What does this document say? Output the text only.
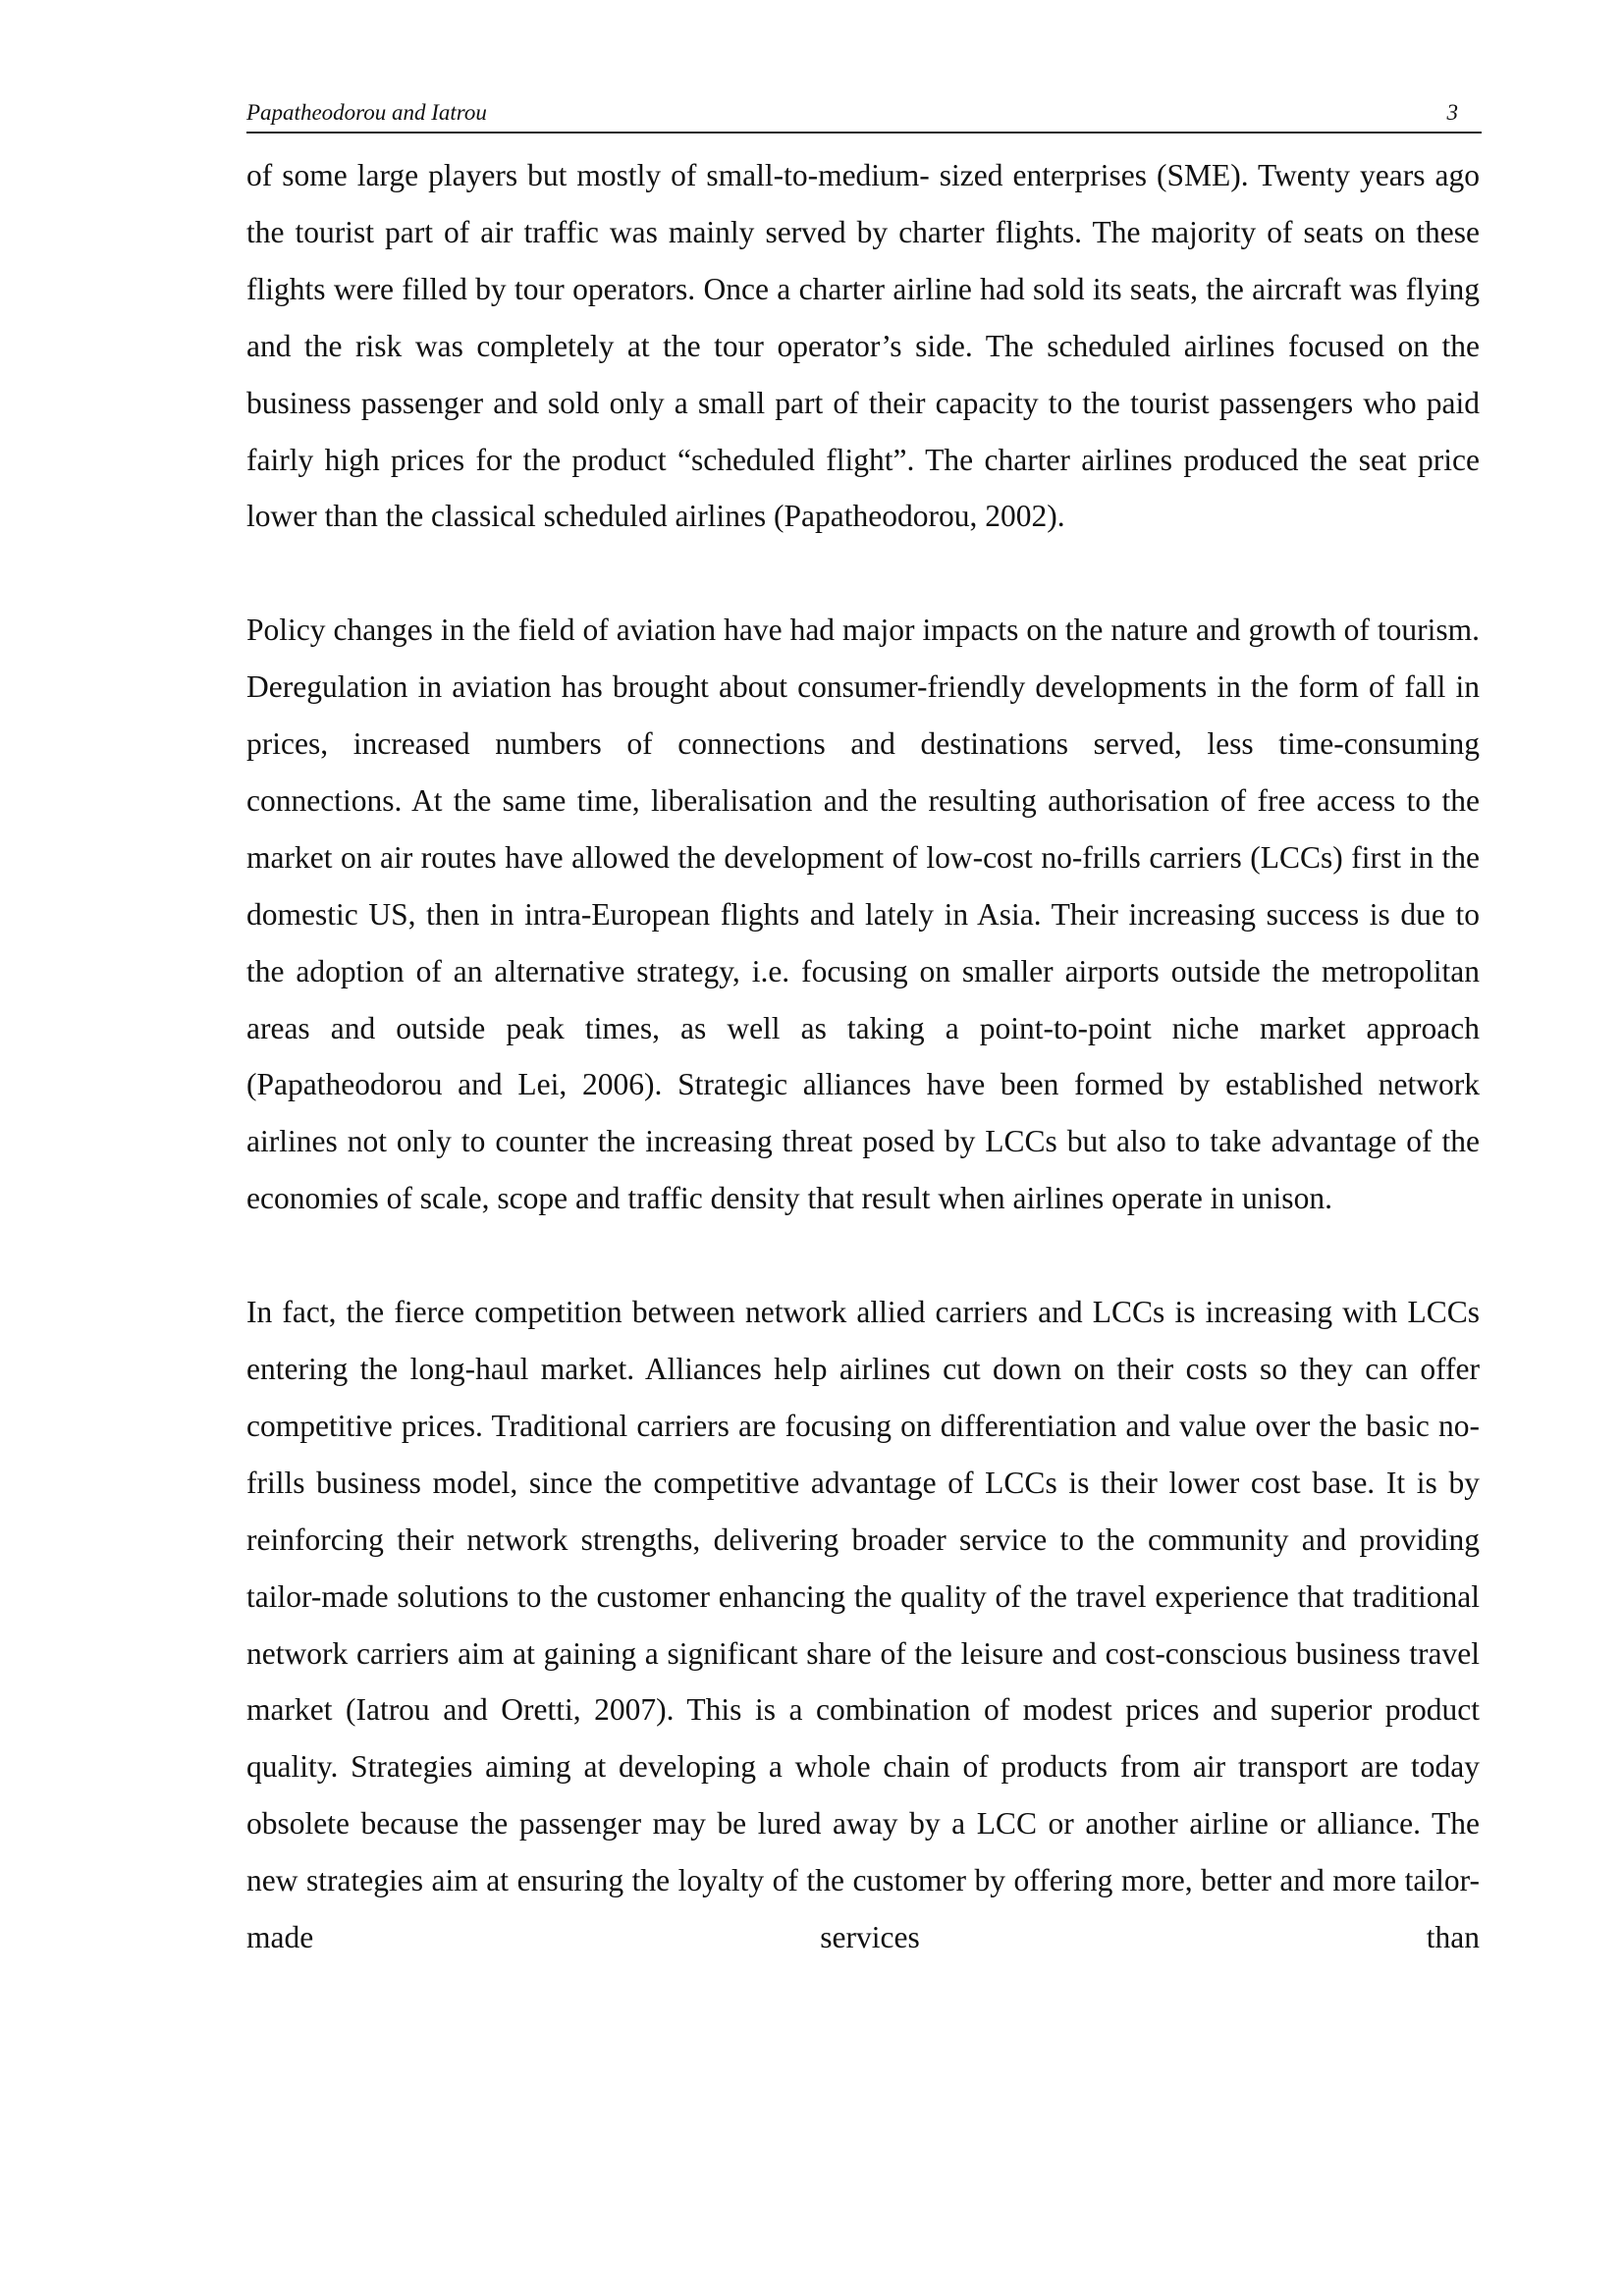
Papatheodorou and Iatrou	3

of some large players but mostly of small-to-medium- sized enterprises (SME). Twenty years ago the tourist part of air traffic was mainly served by charter flights. The majority of seats on these flights were filled by tour operators. Once a charter airline had sold its seats, the aircraft was flying and the risk was completely at the tour operator’s side. The scheduled airlines focused on the business passenger and sold only a small part of their capacity to the tourist passengers who paid fairly high prices for the product “scheduled flight”. The charter airlines produced the seat price lower than the classical scheduled airlines (Papatheodorou, 2002).

Policy changes in the field of aviation have had major impacts on the nature and growth of tourism. Deregulation in aviation has brought about consumer-friendly developments in the form of fall in prices, increased numbers of connections and destinations served, less time-consuming connections. At the same time, liberalisation and the resulting authorisation of free access to the market on air routes have allowed the development of low-cost no-frills carriers (LCCs) first in the domestic US, then in intra-European flights and lately in Asia. Their increasing success is due to the adoption of an alternative strategy, i.e. focusing on smaller airports outside the metropolitan areas and outside peak times, as well as taking a point-to-point niche market approach (Papatheodorou and Lei, 2006). Strategic alliances have been formed by established network airlines not only to counter the increasing threat posed by LCCs but also to take advantage of the economies of scale, scope and traffic density that result when airlines operate in unison.

In fact, the fierce competition between network allied carriers and LCCs is increasing with LCCs entering the long-haul market. Alliances help airlines cut down on their costs so they can offer competitive prices. Traditional carriers are focusing on differentiation and value over the basic no-frills business model, since the competitive advantage of LCCs is their lower cost base. It is by reinforcing their network strengths, delivering broader service to the community and providing tailor-made solutions to the customer enhancing the quality of the travel experience that traditional network carriers aim at gaining a significant share of the leisure and cost-conscious business travel market (Iatrou and Oretti, 2007). This is a combination of modest prices and superior product quality. Strategies aiming at developing a whole chain of products from air transport are today obsolete because the passenger may be lured away by a LCC or another airline or alliance. The new strategies aim at ensuring the loyalty of the customer by offering more, better and more tailor-made services than
